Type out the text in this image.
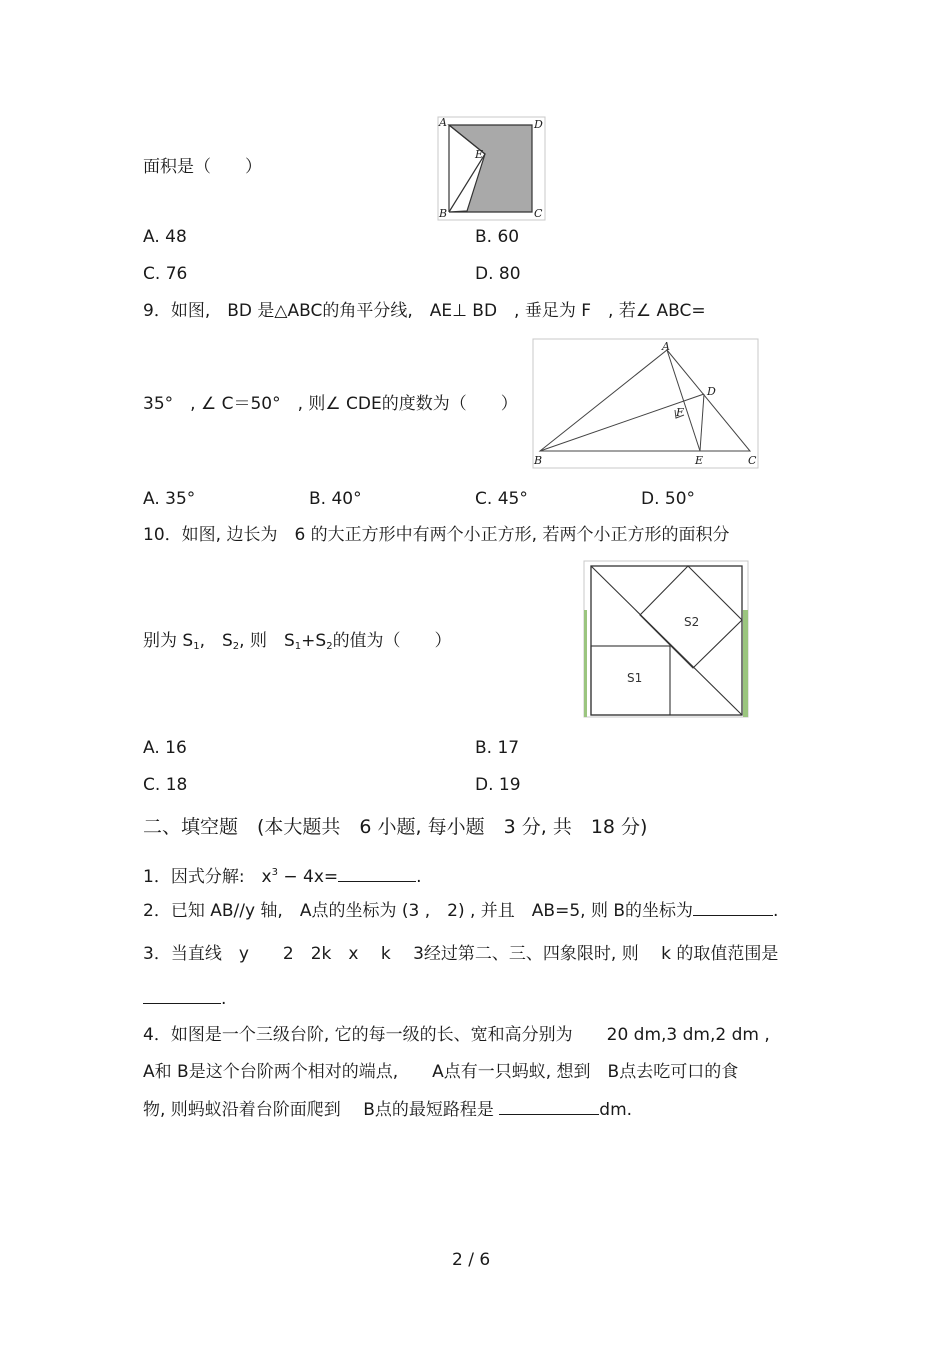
面积是（　　）
A	D
E
B	C
A. 48	B. 60
C. 76	D. 80
9．如图,　BD 是△ABC的角平分线,　AE⊥ BD　, 垂足为 F　, 若∠ ABC=
35°　, ∠ C＝50°　, 则∠ CDE的度数为（　　）
A
B	C
D
E
F
A. 35°	B. 40°	C. 45°	D. 50°
10．如图, 边长为　6 的大正方形中有两个小正方形, 若两个小正方形的面积分
别为 $S_1$,　$S_2$, 则　$S_1+S_2$的值为（　　）
S1
S2
A. 16	B. 17
C. 18	D. 19
二、填空题　(本大题共　6 小题, 每小题　3 分, 共　18 分)
1．因式分解:　$x^3 - 4x=$	.
2．已知 AB//y 轴,　A点的坐标为 (3 ,　2) , 并且　AB=5, 则 B的坐标为	.
3．当直线　y　　2　2k　x　 k　 3经过第二、三、四象限时, 则　 k 的取值范围是
.
4．如图是一个三级台阶, 它的每一级的长、宽和高分别为　　20 dm,3 dm,2 dm ,
A和 B是这个台阶两个相对的端点,　　A点有一只蚂蚁, 想到　B点去吃可口的食
物, 则蚂蚁沿着台阶面爬到　 B点的最短路程是	dm.
2 / 6
